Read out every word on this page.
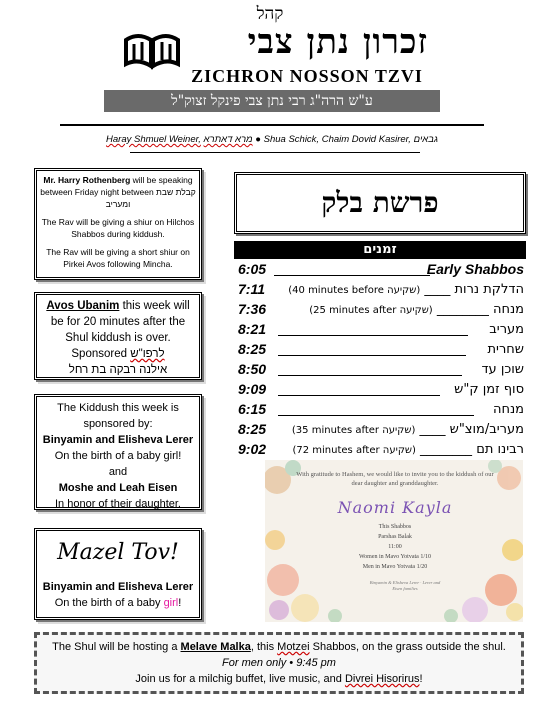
קהל
זכרון נתן צבי
ZICHRON NOSSON TZVI
ע"ש הרה"ג רבי נתן צבי פינקל זצוק"ל
Haray Shmuel Weiner, מרא דאתרא ● Shua Schick, Chaim Dovid Kasirer, גבאים

Mr. Harry Rothenberg will be speaking between Friday night between קבלת שבת ומעריב

The Rav will be giving a shiur on Hilchos Shabbos during kiddush.

The Rav will be giving a short shiur on Pirkei Avos following Mincha.

Avos Ubanim this week will be for 20 minutes after the Shul kiddush is over.
Sponsored לרפו"ש
אילנה רבקה בת רחל
The Kiddush this week is sponsored by:
Binyamin and Elisheva Lerer
On the birth of a baby girl!
and
Moshe and Leah Eisen
In honor of their daughter.
Mazel Tov!
Binyamin and Elisheva Lerer
On the birth of a baby girl!
פרשת בלק
זמנים
6:05	Early Shabbos
7:11	הדלקת נרות ____ (40 minutes before שקיעה)
7:36	מנחה ________ (25 minutes after שקיעה)
8:21	מעריב
8:25	שחרית
8:50	שוכן עד
9:09	סוף זמן ק"ש
6:15	מנחה
8:25	מעריב/מוצ"ש ____ (35 minutes after שקיעה)
9:02	רבינו תם ________ (72 minutes after שקיעה)
With gratitude to Hashem, we would like to invite you to the kiddush of our dear daughter and granddaughter.
Naomi Kayla
This Shabbos
Parshas Balak
11:00
Women in Mavo Yotvata 1/10
Men in Mavo Yotvata 1/20
Binyamin & Elisheva Lerer · Lerer and Eisen families
The Shul will be hosting a Melave Malka, this Motzei Shabbos, on the grass outside the shul.
For men only • 9:45 pm
Join us for a milchig buffet, live music, and Divrei Hisorirus!
